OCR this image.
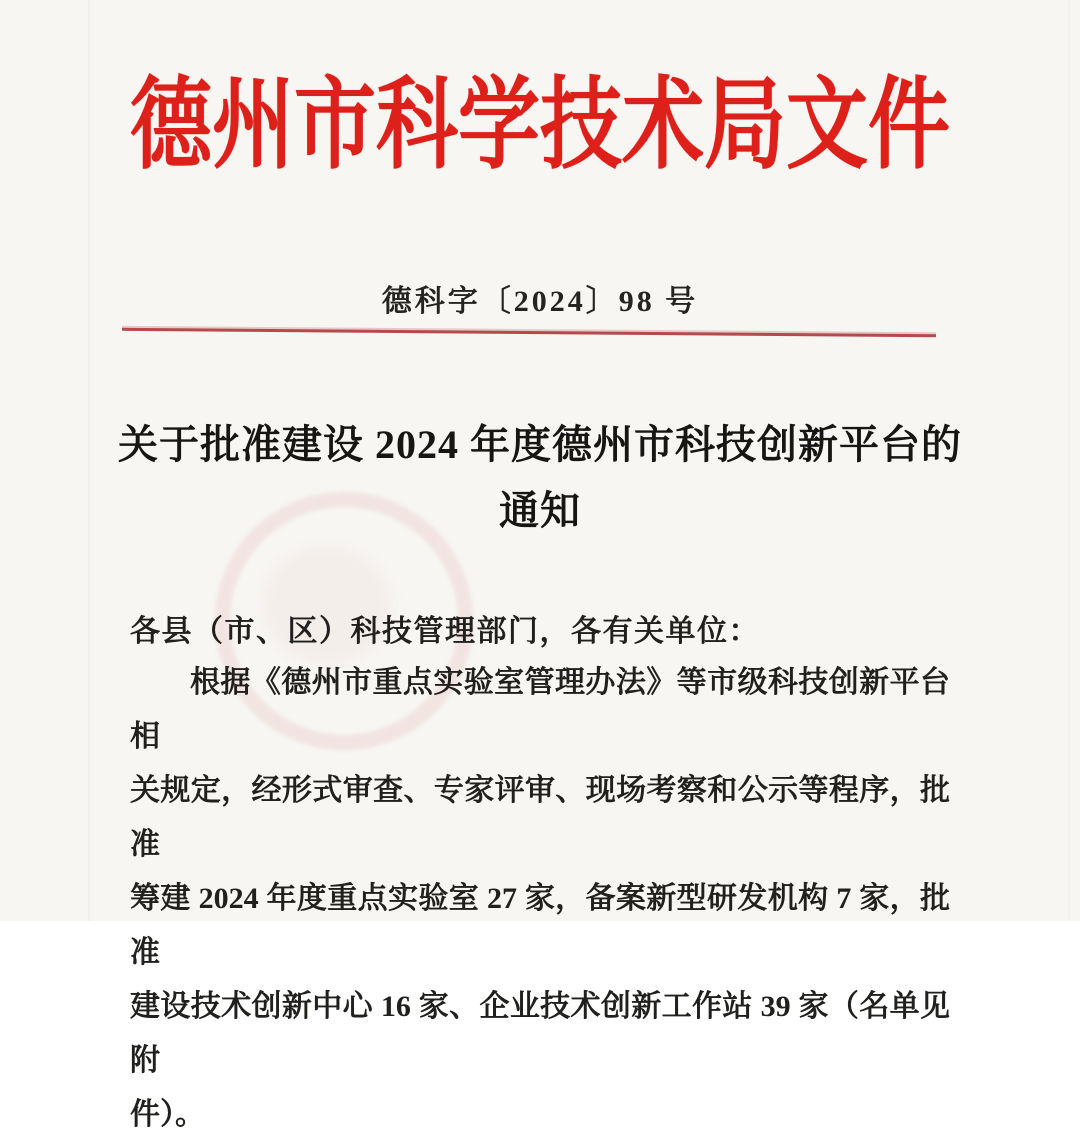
德州市科学技术局文件
德科字〔2024〕98 号
关于批准建设 2024 年度德州市科技创新平台的
通知
各县（市、区）科技管理部门，各有关单位：
根据《德州市重点实验室管理办法》等市级科技创新平台相
关规定，经形式审查、专家评审、现场考察和公示等程序，批准
筹建 2024 年度重点实验室 27 家，备案新型研发机构 7 家，批准
建设技术创新中心 16 家、企业技术创新工作站 39 家（名单见附
件）。
